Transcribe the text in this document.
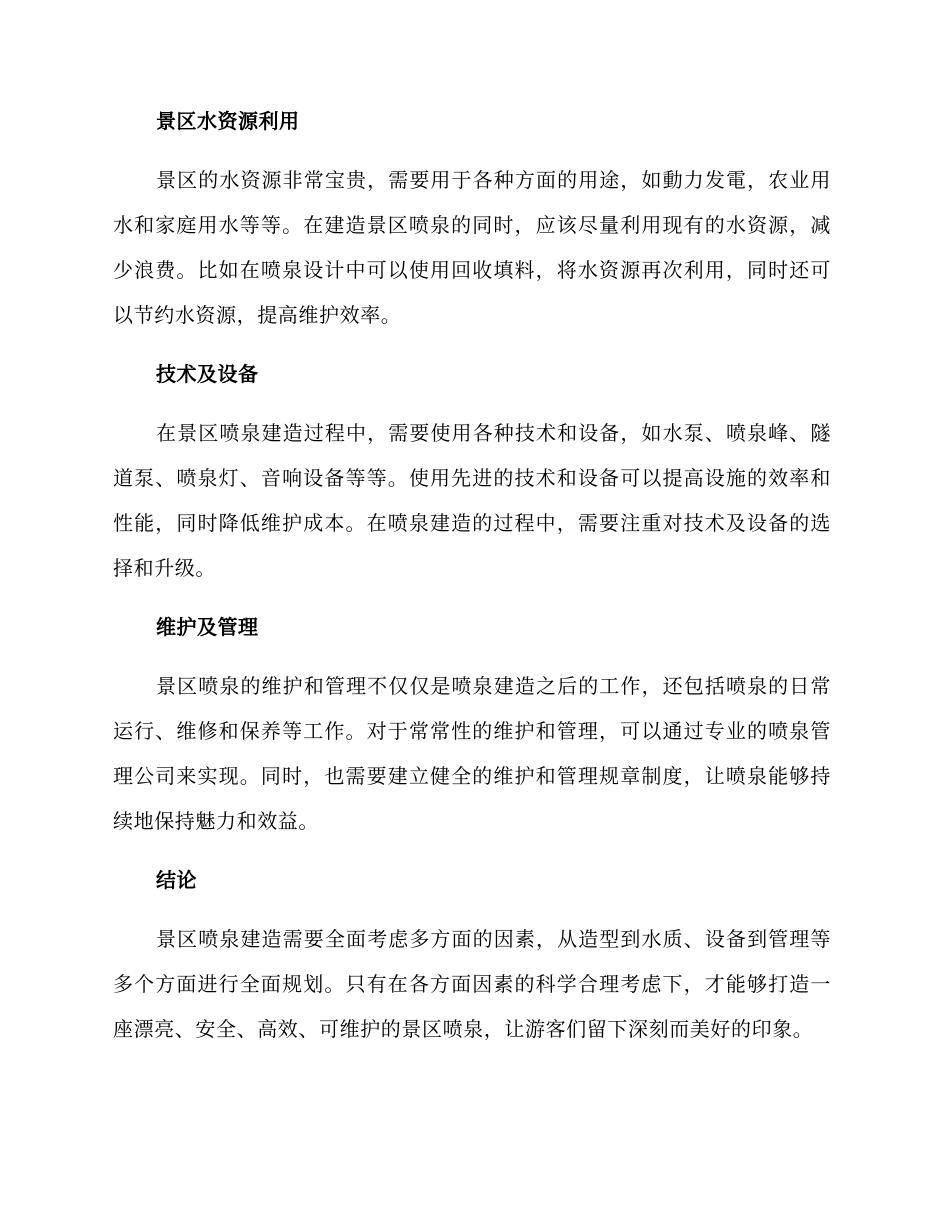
景区水资源利用

景区的水资源非常宝贵，需要用于各种方面的用途，如動力发電，农业用水和家庭用水等等。在建造景区喷泉的同时，应该尽量利用现有的水资源，减少浪费。比如在喷泉设计中可以使用回收填料，将水资源再次利用，同时还可以节约水资源，提高维护效率。

技术及设备

在景区喷泉建造过程中，需要使用各种技术和设备，如水泵、喷泉峰、隧道泵、喷泉灯、音响设备等等。使用先进的技术和设备可以提高设施的效率和性能，同时降低维护成本。在喷泉建造的过程中，需要注重对技术及设备的选择和升级。

维护及管理

景区喷泉的维护和管理不仅仅是喷泉建造之后的工作，还包括喷泉的日常运行、维修和保养等工作。对于常常性的维护和管理，可以通过专业的喷泉管理公司来实现。同时，也需要建立健全的维护和管理规章制度，让喷泉能够持续地保持魅力和效益。

结论

景区喷泉建造需要全面考虑多方面的因素，从造型到水质、设备到管理等多个方面进行全面规划。只有在各方面因素的科学合理考虑下，才能够打造一座漂亮、安全、高效、可维护的景区喷泉，让游客们留下深刻而美好的印象。
